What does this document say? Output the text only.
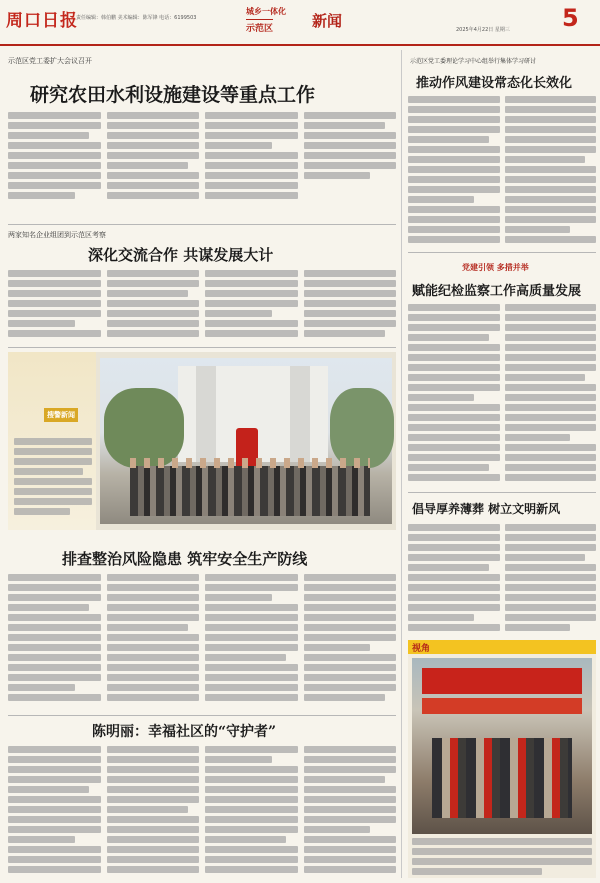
周口日报
责任编辑：韩伯鹏 美术编辑：陈军锋 电话：6199503
城乡一体化
示范区	新闻	2025年4月22日 星期三 5
示范区党工委扩大会议召开
研究农田水利设施建设等重点工作
两家知名企业组团到示范区考察
深化交流合作 共谋发展大计
搜警新闻
排查整治风险隐患 筑牢安全生产防线
陈明丽：幸福社区的“守护者”
示范区党工委理论学习中心组举行集体学习研讨
推动作风建设常态化长效化
党建引领 多措并举
赋能纪检监察工作高质量发展
倡导厚养薄葬 树立文明新风
视角
